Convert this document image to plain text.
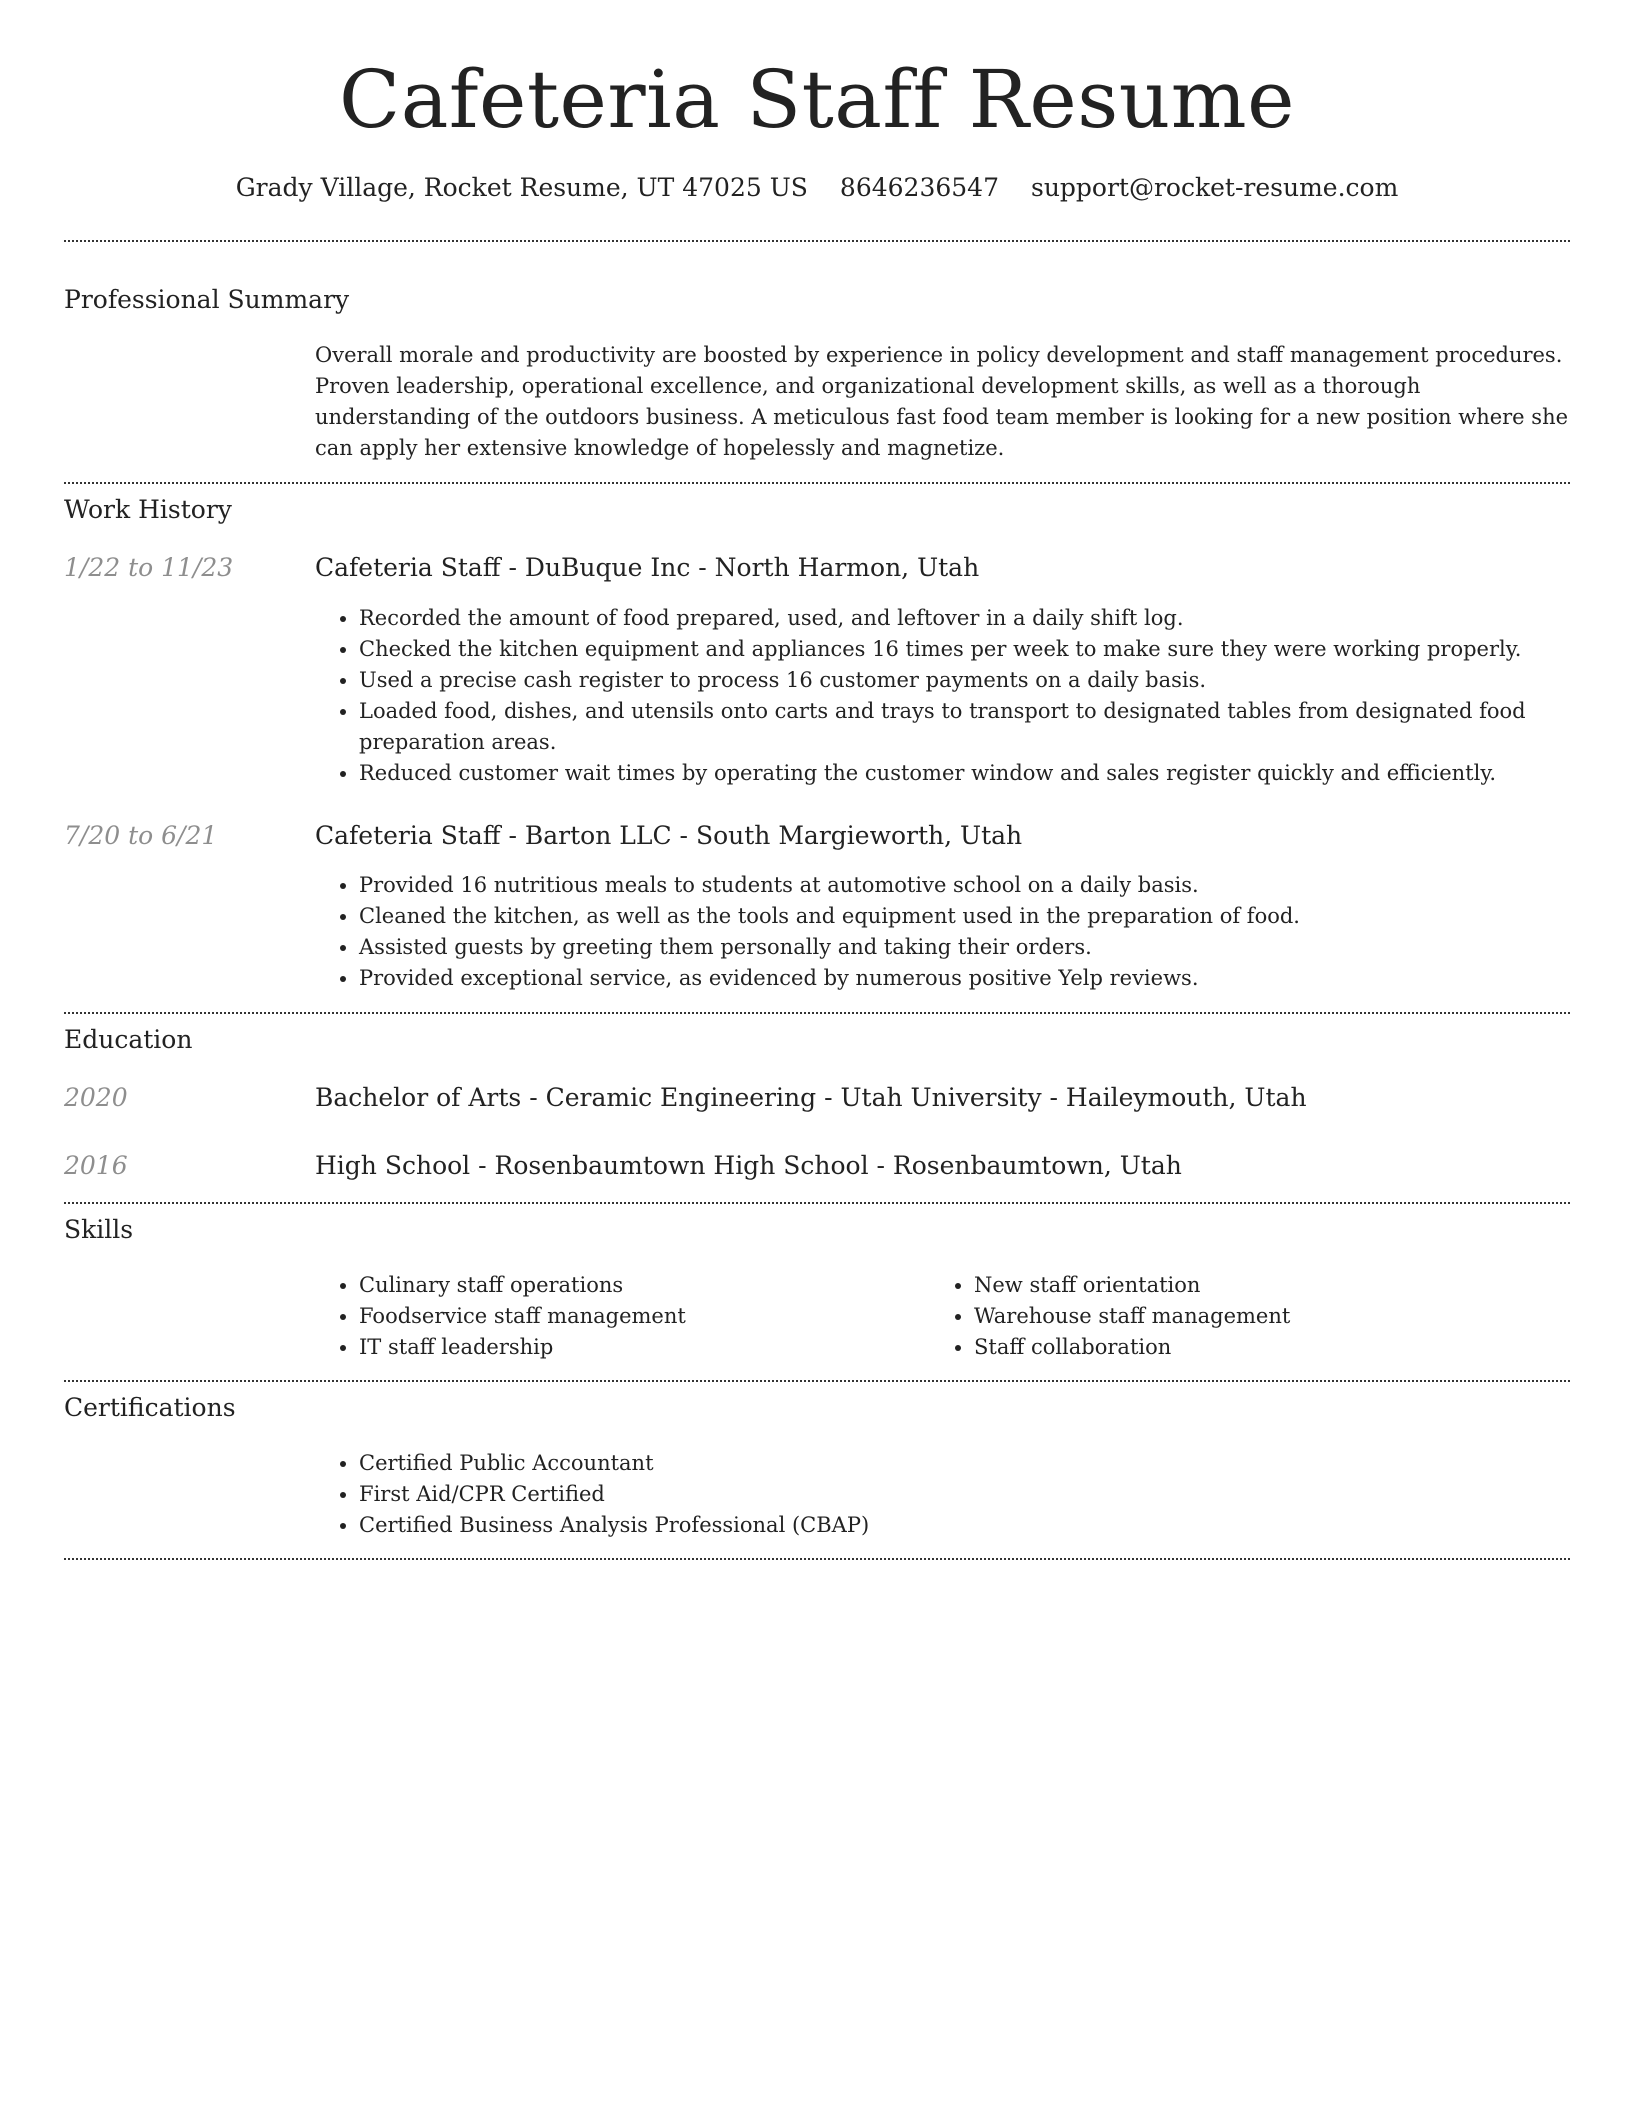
Cafeteria Staff Resume
Grady Village, Rocket Resume, UT 47025 US 8646236547 support@rocket-resume.com
Professional Summary
Overall morale and productivity are boosted by experience in policy development and staff management procedures. Proven leadership, operational excellence, and organizational development skills, as well as a thorough understanding of the outdoors business. A meticulous fast food team member is looking for a new position where she can apply her extensive knowledge of hopelessly and magnetize.
Work History
1/22 to 11/23	Cafeteria Staff - DuBuque Inc - North Harmon, Utah
• Recorded the amount of food prepared, used, and leftover in a daily shift log.
• Checked the kitchen equipment and appliances 16 times per week to make sure they were working properly.
• Used a precise cash register to process 16 customer payments on a daily basis.
• Loaded food, dishes, and utensils onto carts and trays to transport to designated tables from designated food preparation areas.
• Reduced customer wait times by operating the customer window and sales register quickly and efficiently.
7/20 to 6/21	Cafeteria Staff - Barton LLC - South Margieworth, Utah
• Provided 16 nutritious meals to students at automotive school on a daily basis.
• Cleaned the kitchen, as well as the tools and equipment used in the preparation of food.
• Assisted guests by greeting them personally and taking their orders.
• Provided exceptional service, as evidenced by numerous positive Yelp reviews.
Education
2020	Bachelor of Arts - Ceramic Engineering - Utah University - Haileymouth, Utah
2016	High School - Rosenbaumtown High School - Rosenbaumtown, Utah
Skills
• Culinary staff operations
• Foodservice staff management
• IT staff leadership
• New staff orientation
• Warehouse staff management
• Staff collaboration
Certifications
• Certified Public Accountant
• First Aid/CPR Certified
• Certified Business Analysis Professional (CBAP)
